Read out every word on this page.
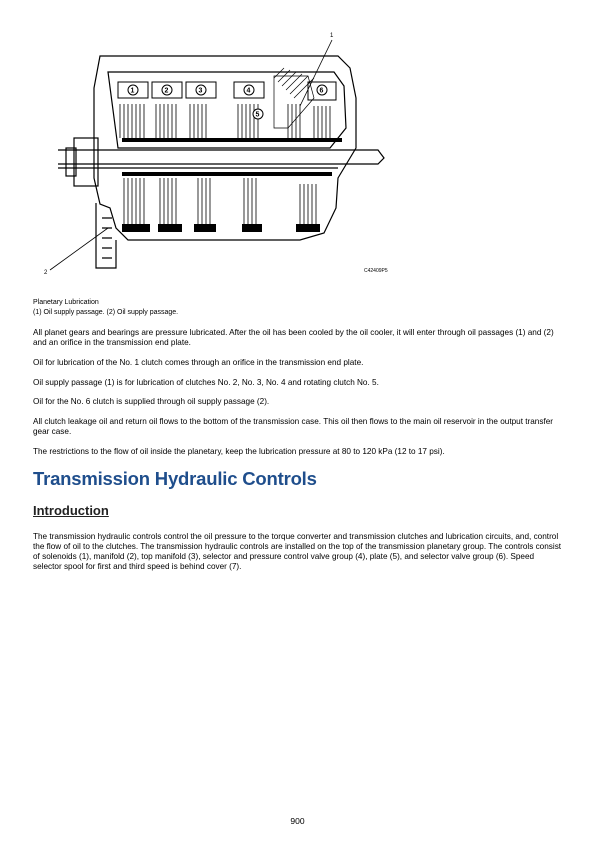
1	2	3	4
5
6
1
2	C42409P5
Planetary Lubrication
(1) Oil supply passage. (2) Oil supply passage.

All planet gears and bearings are pressure lubricated. After the oil has been cooled by the oil cooler, it will enter through oil passages (1) and (2) and an orifice in the transmission end plate.

Oil for lubrication of the No. 1 clutch comes through an orifice in the transmission end plate.

Oil supply passage (1) is for lubrication of clutches No. 2, No. 3, No. 4 and rotating clutch No. 5.

Oil for the No. 6 clutch is supplied through oil supply passage (2).

All clutch leakage oil and return oil flows to the bottom of the transmission case. This oil then flows to the main oil reservoir in the output transfer gear case.

The restrictions to the flow of oil inside the planetary, keep the lubrication pressure at 80 to 120 kPa (12 to 17 psi).

Transmission Hydraulic Controls
Introduction

The transmission hydraulic controls control the oil pressure to the torque converter and transmission clutches and lubrication circuits, and, control the flow of oil to the clutches. The transmission hydraulic controls are installed on the top of the transmission planetary group. The controls consist of solenoids (1), manifold (2), top manifold (3), selector and pressure control valve group (4), plate (5), and selector valve group (6). Speed selector spool for first and third speed is behind cover (7).

900
